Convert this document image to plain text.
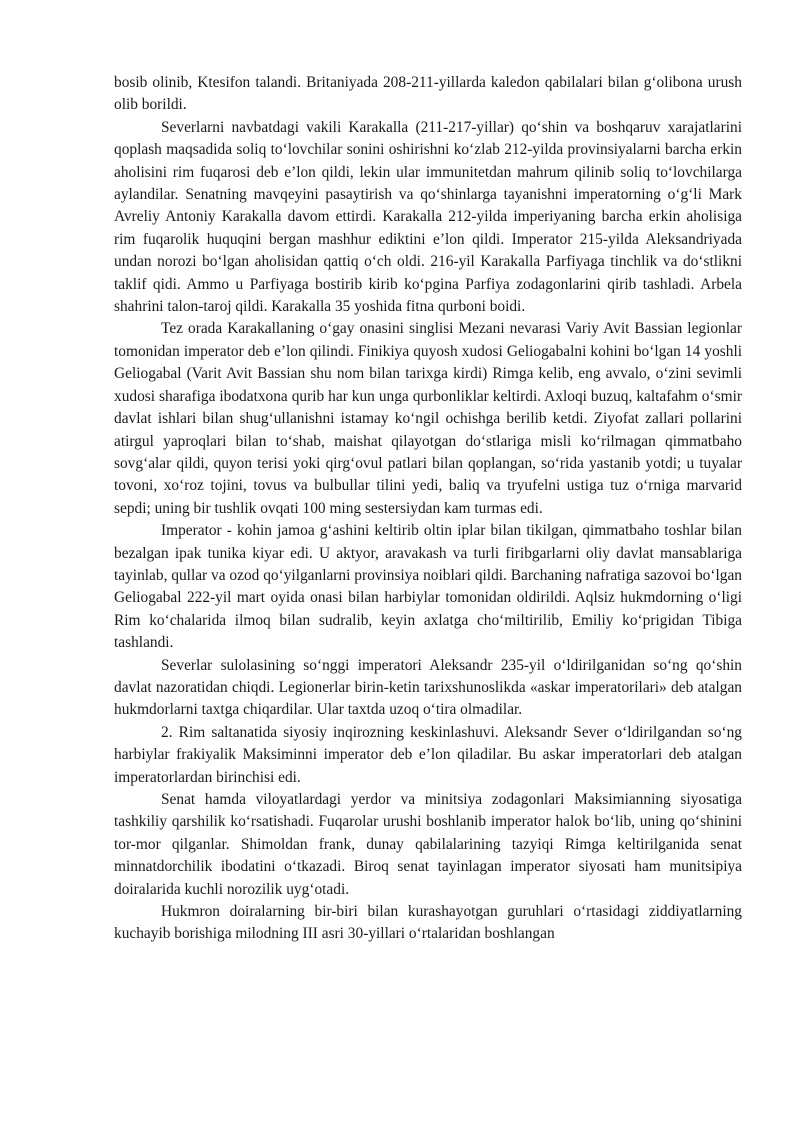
bosib olinib, Ktesifon talandi. Britaniyada 208-211-yillarda kaledon qabilalari bilan g‘olibona urush olib borildi.

Severlarni navbatdagi vakili Karakalla (211-217-yillar) qo‘shin va boshqaruv xarajatlarini qoplash maqsadida soliq to‘lovchilar sonini oshirishni ko‘zlab 212-yilda provinsiyalarni barcha erkin aholisini rim fuqarosi deb e’lon qildi, lekin ular immunitetdan mahrum qilinib soliq to‘lovchilarga aylandilar. Senatning mavqeyini pasaytirish va qo‘shinlarga tayanishni imperatorning o‘g‘li Mark Avreliy Antoniy Karakalla davom ettirdi. Karakalla 212-yilda imperiyaning barcha erkin aholisiga rim fuqarolik huquqini bergan mashhur ediktini e’lon qildi. Imperator 215-yilda Aleksandriyada undan norozi bo‘lgan aholisidan qattiq o‘ch oldi. 216-yil Karakalla Parfiyaga tinchlik va do‘stlikni taklif qidi. Ammo u Parfiyaga bostirib kirib ko‘pgina Parfiya zodagonlarini qirib tashladi. Arbela shahrini talon-taroj qildi. Karakalla 35 yoshida fitna qurboni boidi.

Tez orada Karakallaning o‘gay onasini singlisi Mezani nevarasi Variy Avit Bassian legionlar tomonidan imperator deb e’lon qilindi. Finikiya quyosh xudosi Geliogabalni kohini bo‘lgan 14 yoshli Geliogabal (Varit Avit Bassian shu nom bilan tarixga kirdi) Rimga kelib, eng avvalo, o‘zini sevimli xudosi sharafiga ibodatxona qurib har kun unga qurbonliklar keltirdi. Axloqi buzuq, kaltafahm o‘smir davlat ishlari bilan shug‘ullanishni istamay ko‘ngil ochishga berilib ketdi. Ziyofat zallari pollarini atirgul yaproqlari bilan to‘shab, maishat qilayotgan do‘stlariga misli ko‘rilmagan qimmatbaho sovg‘alar qildi, quyon terisi yoki qirg‘ovul patlari bilan qoplangan, so‘rida yastanib yotdi; u tuyalar tovoni, xo‘roz tojini, tovus va bulbullar tilini yedi, baliq va tryufelni ustiga tuz o‘rniga marvarid sepdi; uning bir tushlik ovqati 100 ming sestersiydan kam turmas edi.

Imperator - kohin jamoa g‘ashini keltirib oltin iplar bilan tikilgan, qimmatbaho toshlar bilan bezalgan ipak tunika kiyar edi. U aktyor, aravakash va turli firibgarlarni oliy davlat mansablariga tayinlab, qullar va ozod qo‘yilganlarni provinsiya noiblari qildi. Barchaning nafratiga sazovoi bo‘lgan Geliogabal 222-yil mart oyida onasi bilan harbiylar tomonidan oldirildi. Aqlsiz hukmdorning o‘ligi Rim ko‘chalarida ilmoq bilan sudralib, keyin axlatga cho‘miltirilib, Emiliy ko‘prigidan Tibiga tashlandi.

Severlar sulolasining so‘nggi imperatori Aleksandr 235-yil o‘ldirilganidan so‘ng qo‘shin davlat nazoratidan chiqdi. Legionerlar birin-ketin tarixshunoslikda «askar imperatorilari» deb atalgan hukmdorlarni taxtga chiqardilar. Ular taxtda uzoq o‘tira olmadilar.

2. Rim saltanatida siyosiy inqirozning keskinlashuvi. Aleksandr Sever o‘ldirilgandan so‘ng harbiylar frakiyalik Maksiminni imperator deb e’lon qiladilar. Bu askar imperatorlari deb atalgan imperatorlardan birinchisi edi.

Senat hamda viloyatlardagi yerdor va minitsiya zodagonlari Maksimianning siyosatiga tashkiliy qarshilik ko‘rsatishadi. Fuqarolar urushi boshlanib imperator halok bo‘lib, uning qo‘shinini tor-mor qilganlar. Shimoldan frank, dunay qabilalarining tazyiqi Rimga keltirilganida senat minnatdorchilik ibodatini o‘tkazadi. Biroq senat tayinlagan imperator siyosati ham munitsipiya doiralarida kuchli norozilik uyg‘otadi.

Hukmron doiralarning bir-biri bilan kurashayotgan guruhlari o‘rtasidagi ziddiyatlarning kuchayib borishiga milodning III asri 30-yillari o‘rtalaridan boshlangan
